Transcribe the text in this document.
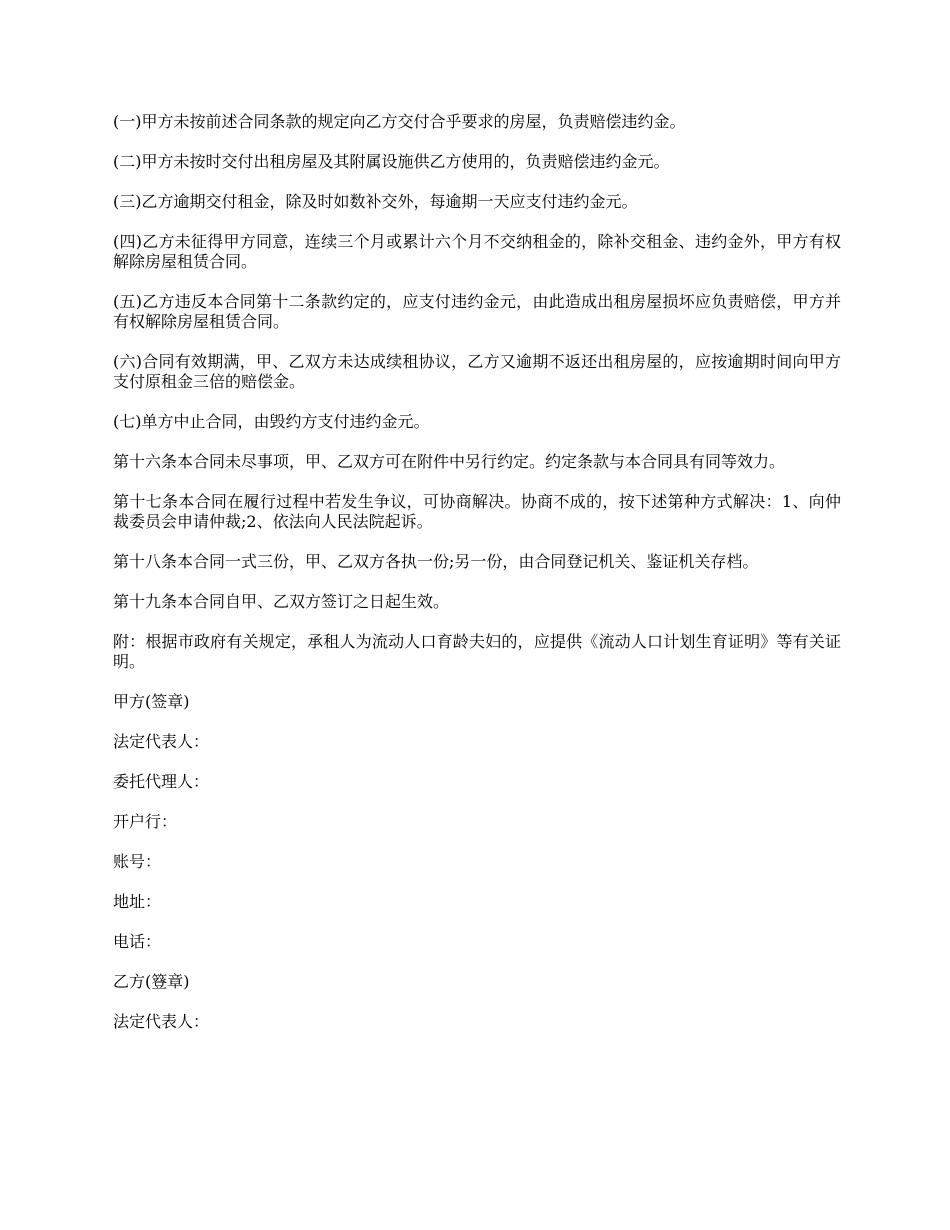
(一)甲方未按前述合同条款的规定向乙方交付合乎要求的房屋，负责赔偿违约金。

(二)甲方未按时交付出租房屋及其附属设施供乙方使用的，负责赔偿违约金元。

(三)乙方逾期交付租金，除及时如数补交外，每逾期一天应支付违约金元。

(四)乙方未征得甲方同意，连续三个月或累计六个月不交纳租金的，除补交租金、违约金外，甲方有权解除房屋租赁合同。

(五)乙方违反本合同第十二条款约定的，应支付违约金元，由此造成出租房屋损坏应负责赔偿，甲方并有权解除房屋租赁合同。

(六)合同有效期满，甲、乙双方未达成续租协议，乙方又逾期不返还出租房屋的，应按逾期时间向甲方支付原租金三倍的赔偿金。

(七)单方中止合同，由毁约方支付违约金元。

第十六条本合同未尽事项，甲、乙双方可在附件中另行约定。约定条款与本合同具有同等效力。

第十七条本合同在履行过程中若发生争议，可协商解决。协商不成的，按下述第种方式解决：1、向仲裁委员会申请仲裁;2、依法向人民法院起诉。

第十八条本合同一式三份，甲、乙双方各执一份;另一份，由合同登记机关、鉴证机关存档。

第十九条本合同自甲、乙双方签订之日起生效。

附：根据市政府有关规定，承租人为流动人口育龄夫妇的，应提供《流动人口计划生育证明》等有关证明。

甲方(签章)

法定代表人：

委托代理人：

开户行：

账号：

地址：

电话：

乙方(簦章)

法定代表人：
